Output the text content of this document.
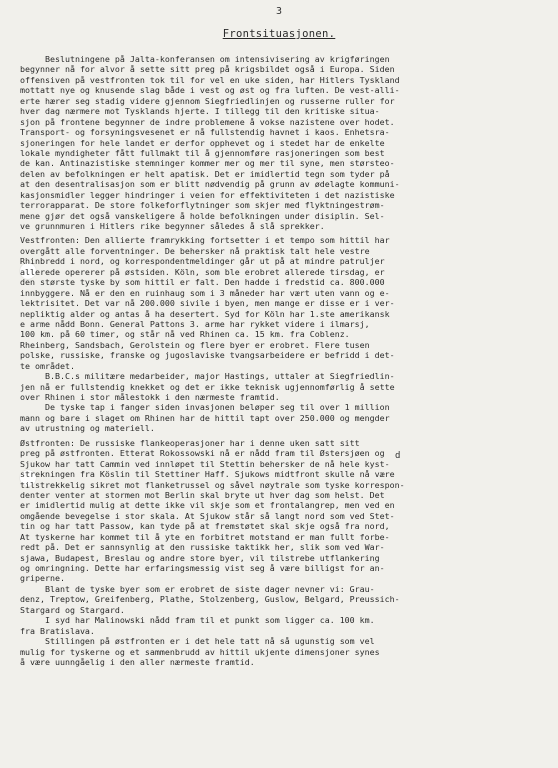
3
Frontsituasjonen.
d
Beslutningene på Jalta-konferansen om intensivisering av krigføringen
begynner nå for alvor å sette sitt preg på krigsbildet også i Europa. Siden
offensiven på vestfronten tok til for vel en uke siden, har Hitlers Tyskland
mottatt nye og knusende slag både i vest og øst og fra luften. De vest-alli-
erte hærer seg stadig videre gjennom Siegfriedlinjen og russerne ruller for
hver dag nærmere mot Tysklands hjerte. I tillegg til den kritiske situa-
sjon på frontene begynner de indre problemene å vokse nazistene over hodet.
Transport- og forsyningsvesenet er nå fullstendig havnet i kaos. Enhetsra-
sjoneringen for hele landet er derfor opphevet og i stedet har de enkelte
lokale myndigheter fått fullmakt til å gjennomføre rasjoneringen som best
de kan. Antinazistiske stemninger kommer mer og mer til syne, men størsteo-
delen av befolkningen er helt apatisk. Det er imidlertid tegn som tyder på
at den desentralisasjon som er blitt nødvendig på grunn av ødelagte kommuni-
kasjonsmidler legger hindringer i veien for effektiviteten i det nazistiske
terrorapparat. De store folkeforflytninger som skjer med flyktningestrøm-
mene gjør det også vanskeligere å holde befolkningen under disiplin. Sel-
ve grunnmuren i Hitlers rike begynner således å slå sprekker.
Vestfronten: Den allierte framrykking fortsetter i et tempo som hittil har
overgått alle forventninger. De behersker nå praktisk talt hele vestre
Rhinbredd i nord, og korrespondentmeldinger går ut på at mindre patruljer
allerede opererer på østsiden. Köln, som ble erobret allerede tirsdag, er
den største tyske by som hittil er falt. Den hadde i fredstid ca. 800.000
innbyggere. Nå er den en ruinhaug som i 3 måneder har vært uten vann og e-
lektrisitet. Det var nå 200.000 sivile i byen, men mange er disse er i ver-
nepliktig alder og antas å ha desertert. Syd for Köln har 1.ste amerikansk
e arme nådd Bonn. General Pattons 3. arme har rykket videre i ilmarsj,
100 km. på 60 timer, og står nå ved Rhinen ca. 15 km. fra Coblenz.
Rheinberg, Sandsbach, Gerolstein og flere byer er erobret. Flere tusen
polske, russiske, franske og jugoslaviske tvangsarbeidere er befridd i det-
te området.
B.B.C.s militære medarbeider, major Hastings, uttaler at Siegfriedlin-
jen nå er fullstendig knekket og det er ikke teknisk ugjennomførlig å sette
over Rhinen i stor målestokk i den nærmeste framtid.
De tyske tap i fanger siden invasjonen beløper seg til over 1 million
mann og bare i slaget om Rhinen har de hittil tapt over 250.000 og mengder
av utrustning og materiell.
Østfronten: De russiske flankeoperasjoner har i denne uken satt sitt
preg på østfronten. Etterat Rokossowski nå er nådd fram til Østersjøen og
Sjukow har tatt Cammin ved innløpet til Stettin behersker de nå hele kyst-
strekningen fra Köslin til Stettiner Haff. Sjukows midtfront skulle nå være
tilstrekkelig sikret mot flanketrussel og såvel nøytrale som tyske korrespon-
denter venter at stormen mot Berlin skal bryte ut hver dag som helst. Det
er imidlertid mulig at dette ikke vil skje som et frontalangrep, men ved en
omgående bevegelse i stor skala. At Sjukow står så langt nord som ved Stet-
tin og har tatt Passow, kan tyde på at fremstøtet skal skje også fra nord,
At tyskerne har kommet til å yte en forbitret motstand er man fullt forbe-
redt på. Det er sannsynlig at den russiske taktikk her, slik som ved War-
sjawa, Budapest, Breslau og andre store byer, vil tilstrebe utflankering
og omringning. Dette har erfaringsmessig vist seg å være billigst for an-
griperne.
Blant de tyske byer som er erobret de siste dager nevner vi: Grau-
denz, Treptow, Greifenberg, Plathe, Stolzenberg, Guslow, Belgard, Preussich-
Stargard og Stargard.
I syd har Malinowski nådd fram til et punkt som ligger ca. 100 km.
fra Bratislava.
Stillingen på østfronten er i det hele tatt nå så ugunstig som vel
mulig for tyskerne og et sammenbrudd av hittil ukjente dimensjoner synes
å være uunngåelig i den aller nærmeste framtid.
